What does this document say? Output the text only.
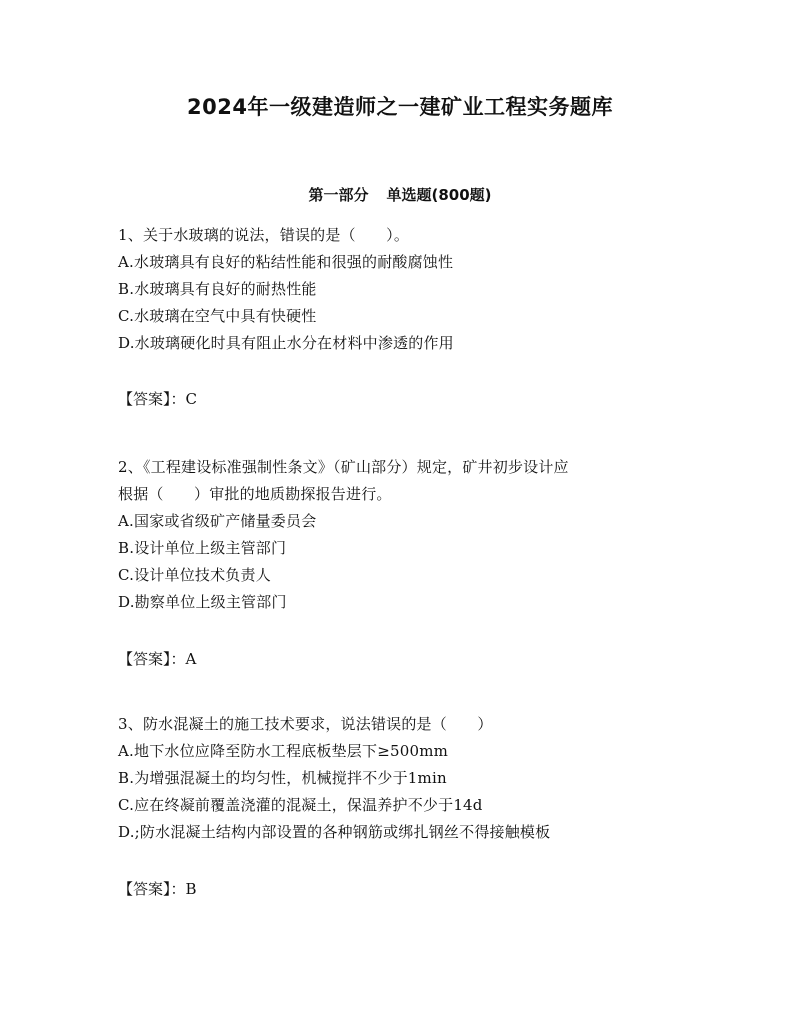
2024年一级建造师之一建矿业工程实务题库
第一部分 单选题(800题)
1、关于水玻璃的说法，错误的是（　　）。
A.水玻璃具有良好的粘结性能和很强的耐酸腐蚀性
B.水玻璃具有良好的耐热性能
C.水玻璃在空气中具有快硬性
D.水玻璃硬化时具有阻止水分在材料中渗透的作用
【答案】：C
2、《工程建设标准强制性条文》（矿山部分）规定，矿井初步设计应
根据（　　）审批的地质勘探报告进行。
A.国家或省级矿产储量委员会
B.设计单位上级主管部门
C.设计单位技术负责人
D.勘察单位上级主管部门
【答案】：A
3、防水混凝土的施工技术要求，说法错误的是（　　）
A.地下水位应降至防水工程底板垫层下≥500mm
B.为增强混凝土的均匀性，机械搅拌不少于1min
C.应在终凝前覆盖浇灌的混凝土，保温养护不少于14d
D.;防水混凝土结构内部设置的各种钢筋或绑扎钢丝不得接触模板
【答案】：B
